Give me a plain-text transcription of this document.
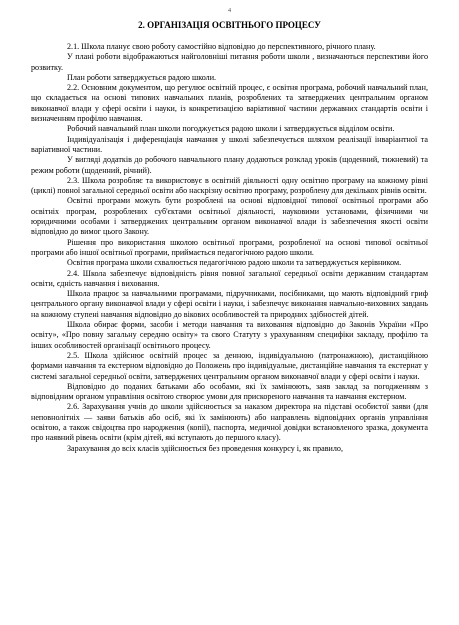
4
2. ОРГАНІЗАЦІЯ ОСВІТНЬОГО ПРОЦЕСУ

2.1. Школа планує свою роботу самостійно відповідно до перспективного, річного плану.

У плані роботи відображаються найголовніші питання роботи школи , визначаються перспективи його розвитку.

План роботи затверджується радою школи.

2.2. Основним документом, що регулює освітній процес, є освітня програма, робочий навчальний план, що складається на основі типових навчальних планів, розроблених та затверджених центральним органом виконавчої влади у сфері освіти і науки, із конкретизацією варіативної частини державних стандартів освіти і визначенням профілю навчання.

Робочий навчальний план школи погоджується радою школи і затверджується відділом освіти.

Індивідуалізація і диференціація навчання у школі забезпечується шляхом реалізації інваріантної та варіативної частини.

У вигляді додатків до робочого навчального плану додаються розклад уроків (щоденний, тижневий) та режим роботи (щоденний, річний).

2.3. Школа розробляє та використовує в освітній діяльності одну освітню програму на кожному рівні (циклі) повної загальної середньої освіти або наскрізну освітню програму, розроблену для декількох рівнів освіти.

Освітні програми можуть бути розроблені на основі відповідної типової освітньої програми або освітніх програм, розроблених суб'єктами освітньої діяльності, науковими установами, фізичними чи юридичними особами і затверджених центральним органом виконавчої влади із забезпечення якості освіти відповідно до вимог цього Закону.

Рішення про використання школою освітньої програми, розробленої на основі типової освітньої програми або іншої освітньої програми, приймається педагогічною радою школи.

Освітня програма школи схвалюється педагогічною радою школи та затверджується керівником.

2.4. Школа забезпечує відповідність рівня повної загальної середньої освіти державним стандартам освіти, єдність навчання і виховання.

Школа працює за навчальними програмами, підручниками, посібниками, що мають відповідний гриф центрального органу виконавчої влади у сфері освіти і науки, і забезпечує виконання навчально-виховних завдань на кожному ступені навчання відповідно до вікових особливостей та природних здібностей дітей.

Школа обирає форми, засоби і методи навчання та виховання відповідно до Законів України «Про освіту», «Про повну загальну середню освіту» та свого Статуту з урахуванням специфіки закладу, профілю та інших особливостей організації освітнього процесу.

2.5. Школа здійснює освітній процес за денною, індивідуальною (патронажною), дистанційною формами навчання та екстерном відповідно до Положень про індивідуальне, дистанційне навчання та екстернат у системі загальної середньої освіти, затверджених центральним органом виконавчої влади у сфері освіти і науки.

Відповідно до поданих батьками або особами, які їх замінюють, заяв заклад за погодженням з відповідним органом управління освітою створює умови для прискореного навчання та навчання екстерном.

2.6. Зарахування учнів до школи здійснюється за наказом директора на підставі особистої заяви (для неповнолітніх — заяви батьків або осіб, які їх замінюють) або направлень відповідних органів управління освітою, а також свідоцтва про народження (копії), паспорта, медичної довідки встановленого зразка, документа про наявний рівень освіти (крім дітей, які вступають до першого класу).

Зарахування до всіх класів здійснюється без проведення конкурсу і, як правило,
